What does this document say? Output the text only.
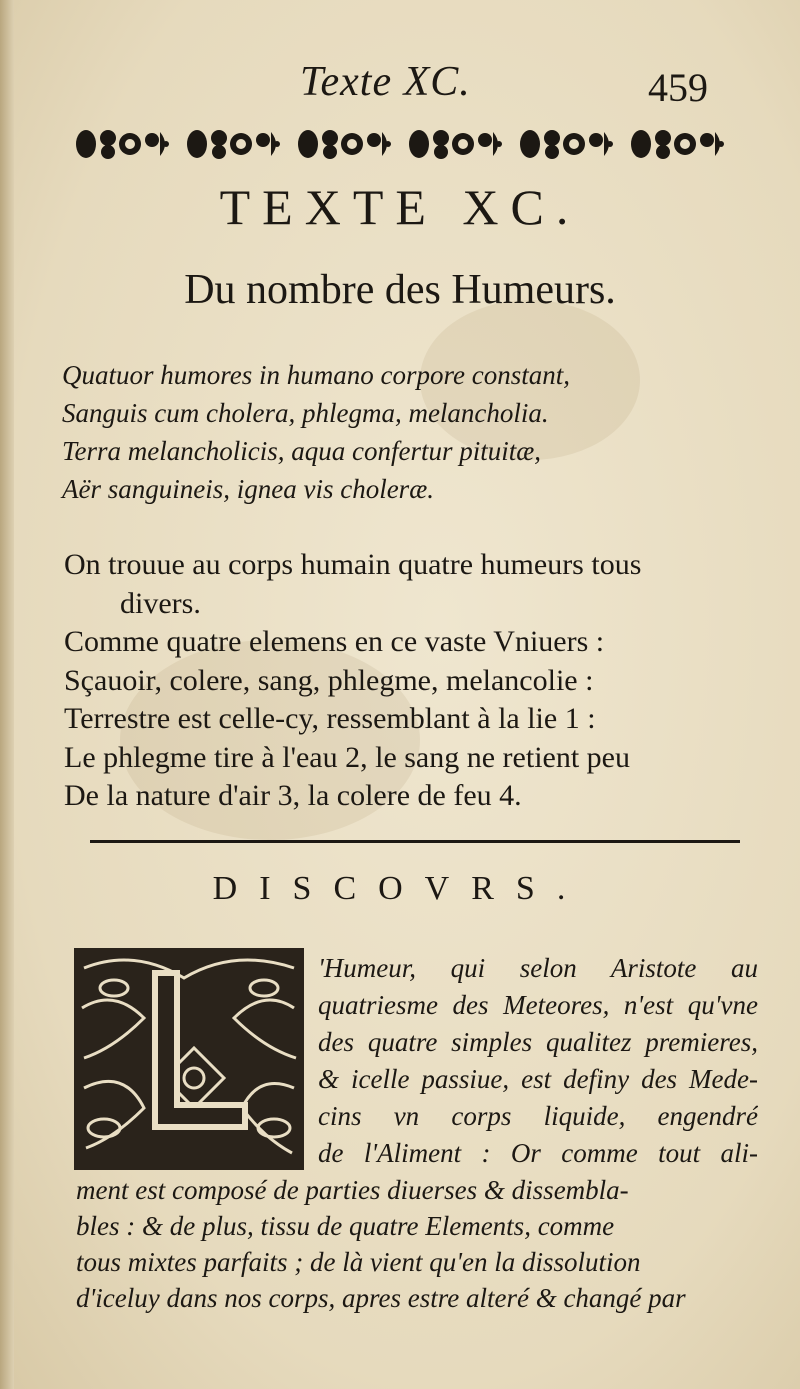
Texte XC.	459
TEXTE XC.
Du nombre des Humeurs.
Quatuor humores in humano corpore constant,
Sanguis cum cholera, phlegma, melancholia.
Terra melancholicis, aqua confertur pituitæ,
Aër sanguineis, ignea vis choleræ.
On trouue au corps humain quatre humeurs tous
divers.
Comme quatre elemens en ce vaste Vniuers :
Sçauoir, colere, sang, phlegme, melancolie :
Terrestre est celle-cy, ressemblant à la lie 1 :
Le phlegme tire à l'eau 2, le sang ne retient peu
De la nature d'air 3, la colere de feu 4.
DISCOVRS.
'Humeur, qui selon Aristote au
quatriesme des Meteores, n'est qu'vne
des quatre simples qualitez premieres,
& icelle passiue, est definy des Mede-
cins vn corps liquide, engendré
de l'Aliment : Or comme tout ali-
ment est composé de parties diuerses & dissembla-
bles : & de plus, tissu de quatre Elements, comme
tous mixtes parfaits ; de là vient qu'en la dissolution
d'iceluy dans nos corps, apres estre alteré & changé par
